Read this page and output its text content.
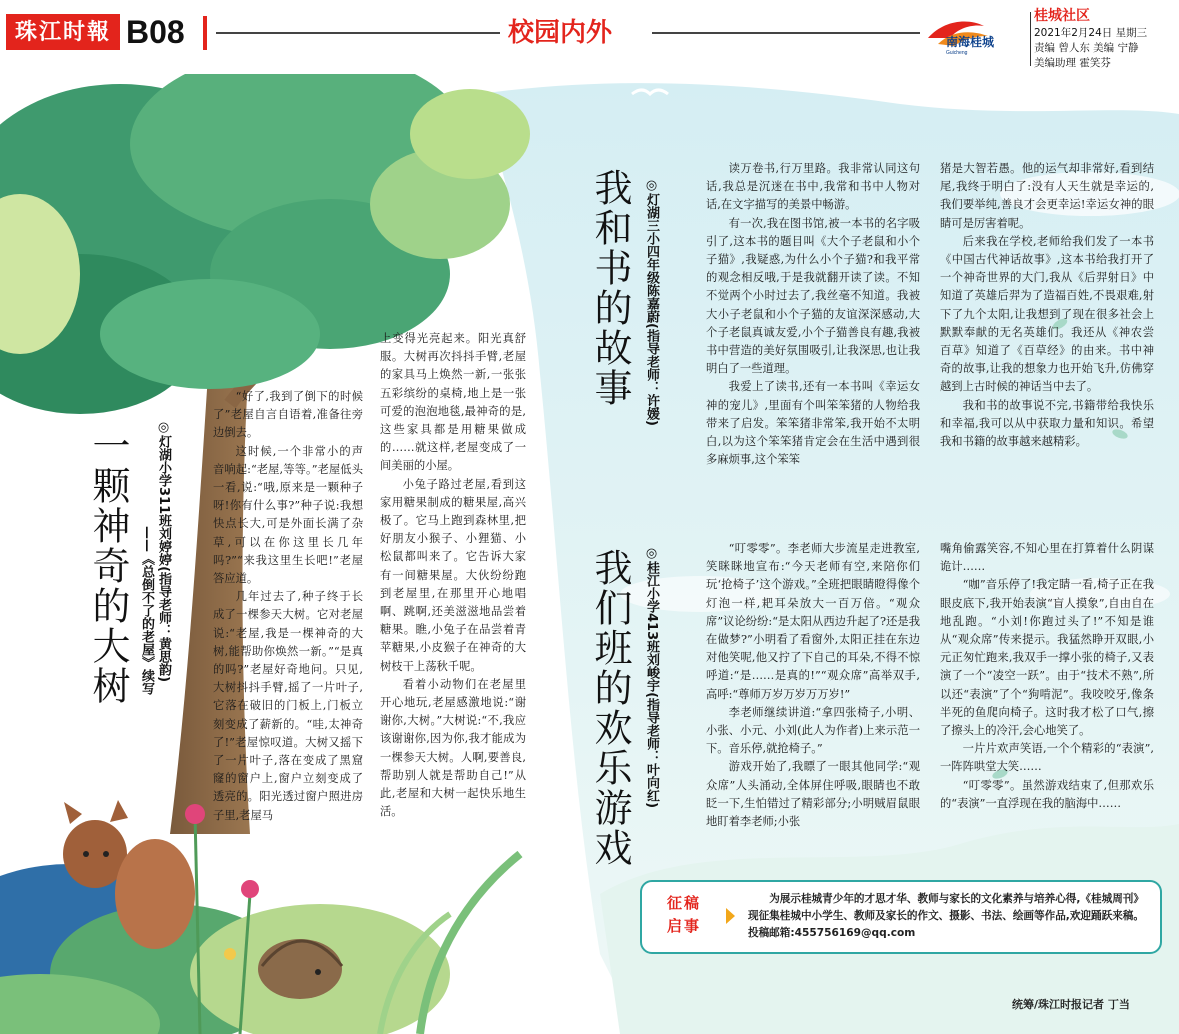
珠江时報 B08	校园内外	南海桂城
Guicheng
桂城社区
2021年2月24日 星期三
责编 曾人东 美编 宁静
美编助理 霍笑芬
一颗神奇的大树 ◎灯湖小学311班刘婷婷(指导老师：黄思韵)
——《总倒不了的老屋》续写

“好了,我到了倒下的时候了”老屋自言自语着,准备往旁边倒去。

这时候,一个非常小的声音响起:“老屋,等等。”老屋低头一看,说:“哦,原来是一颗种子呀!你有什么事?”种子说:我想快点长大,可是外面长满了杂草,可以在你这里长几年吗?”“来我这里生长吧!”老屋答应道。

几年过去了,种子终于长成了一棵参天大树。它对老屋说:“老屋,我是一棵神奇的大树,能帮助你焕然一新。”“是真的吗?”老屋好奇地问。只见,大树抖抖手臂,摇了一片叶子,它落在破旧的门板上,门板立刻变成了薪新的。“哇,太神奇了!”老屋惊叹道。大树又摇下了一片叶子,落在变成了黑窟窿的窗户上,窗户立刻变成了透亮的。阳光透过窗户照进房子里,老屋马

上变得光亮起来。阳光真舒服。大树再次抖抖手臂,老屋的家具马上焕然一新,一张张五彩缤纷的桌椅,地上是一张可爱的泡泡地毯,最神奇的是,这些家具都是用糖果做成的……就这样,老屋变成了一间美丽的小屋。

小兔子路过老屋,看到这家用糖果制成的糖果屋,高兴极了。它马上跑到森林里,把好朋友小猴子、小狸猫、小松鼠都叫来了。它告诉大家有一间糖果屋。大伙纷纷跑到老屋里,在那里开心地唱啊、跳啊,还美滋滋地品尝着糖果。瞧,小兔子在品尝着青苹糖果,小皮猴子在神奇的大树枝干上荡秋千呢。

看着小动物们在老屋里开心地玩,老屋感激地说:“谢谢你,大树。”大树说:“不,我应该谢谢你,因为你,我才能成为一棵参天大树。人啊,要善良,帮助别人就是帮助自己!”从此,老屋和大树一起快乐地生活。

我和书的故事 ◎灯湖三小四年级陈嘉蔚(指导老师：许媛)

读万卷书,行万里路。我非常认同这句话,我总是沉迷在书中,我常和书中人物对话,在文字描写的美景中畅游。

有一次,我在图书馆,被一本书的名字吸引了,这本书的题目叫《大个子老鼠和小个子猫》,我疑惑,为什么小个子猫?和我平常的观念相反哦,于是我就翻开读了读。不知不觉两个小时过去了,我丝毫不知道。我被大小子老鼠和小个子猫的友谊深深感动,大个子老鼠真诚友爱,小个子猫善良有趣,我被书中营造的美好氛围吸引,让我深思,也让我明白了一些道理。

我爱上了读书,还有一本书叫《幸运女神的宠儿》,里面有个叫笨笨猪的人物给我带来了启发。笨笨猪非常笨,我开始不太明白,以为这个笨笨猪肯定会在生活中遇到很多麻烦事,这个笨笨

猪是大智若愚。他的运气却非常好,看到结尾,我终于明白了:没有人天生就是幸运的,我们要举纯,善良才会更幸运!幸运女神的眼睛可是厉害着呢。

后来我在学校,老师给我们发了一本书《中国古代神话故事》,这本书给我打开了一个神奇世界的大门,我从《后羿射日》中知道了英雄后羿为了造福百姓,不畏艰难,射下了九个太阳,让我想到了现在很多社会上默默奉献的无名英雄们。我还从《神农尝百草》知道了《百草经》的由来。书中神奇的故事,让我的想象力也开始飞升,仿佛穿越到上古时候的神话当中去了。

我和书的故事说不完,书籍带给我快乐和幸福,我可以从中获取力量和知识。希望我和书籍的故事越来越精彩。

我们班的欢乐游戏 ◎桂江小学413班刘峻宇(指导老师：叶向红)	“叮零零”。李老师大步流星走进教室,笑眯眯地宣布:“今天老师有空,来陪你们玩‘抢椅子’这个游戏。”全班把眼睛瞪得像个灯泡一样,耙耳朵放大一百万倍。“观众席”议论纷纷:“是太阳从西边升起了?还是我在做梦?”小明看了看窗外,太阳正挂在东边对他笑呢,他又拧了下自己的耳朵,不得不惊呼道:“是……是真的!”“观众席”高举双手,高呼:“尊师万岁万岁万万岁!”

李老师继续讲道:“拿四张椅子,小明、小张、小元、小刘(此人为作者)上来示范一下。音乐停,就抢椅子。”

游戏开始了,我瞟了一眼其他同学:“观众席”人头涌动,全体屏住呼吸,眼睛也不敢眨一下,生怕错过了精彩部分;小明贼眉鼠眼地盯着李老师;小张

嘴角偷露笑容,不知心里在打算着什么阴谋诡计……

“咖”音乐停了!我定睛一看,椅子正在我眼皮底下,我开始表演“盲人摸象”,自由自在地乱跑。“小刘!你跑过头了!”不知是谁从“观众席”传来提示。我猛然睁开双眼,小元正匆忙跑来,我双手一撑小张的椅子,又表演了一个“凌空一跃”。由于“技术不熟”,所以还“表演”了个“狗啃泥”。我咬咬牙,像条半死的鱼爬向椅子。这时我才松了口气,擦了擦头上的冷汗,会心地笑了。

一片片欢声笑语,一个个精彩的“表演”,一阵阵哄堂大笑……

“叮零零”。虽然游戏结束了,但那欢乐的“表演”一直浮现在我的脑海中……

征稿
启事
为展示桂城青少年的才思才华、教师与家长的文化素养与培养心得,《桂城周刊》现征集桂城中小学生、教师及家长的作文、摄影、书法、绘画等作品,欢迎踊跃来稿。投稿邮箱:455756169@qq.com
统筹/珠江时报记者 丁当
